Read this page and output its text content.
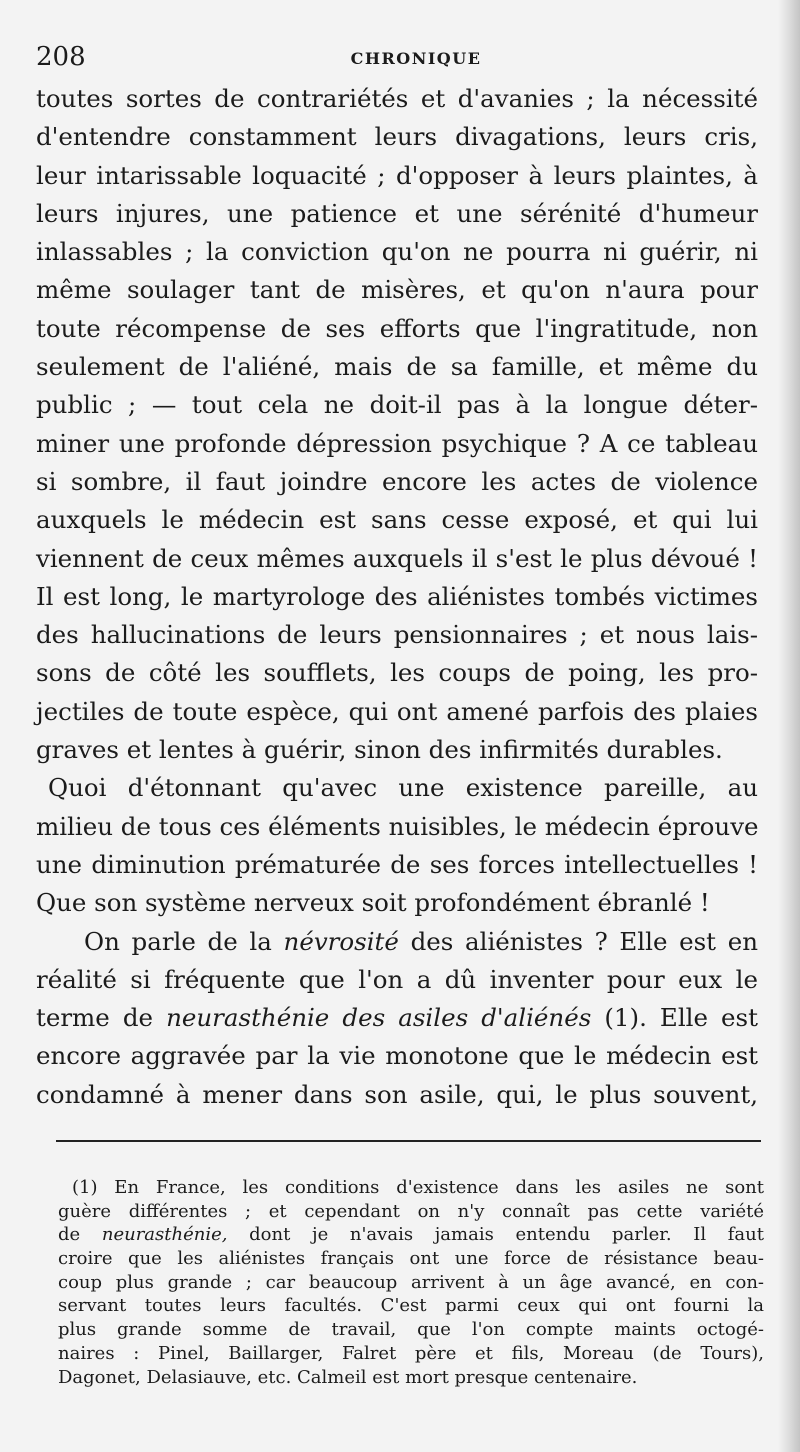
208	CHRONIQUE
toutes sortes de contrariétés et d'avanies ; la nécessité
d'entendre constamment leurs divagations, leurs cris,
leur intarissable loquacité ; d'opposer à leurs plaintes, à
leurs injures, une patience et une sérénité d'humeur
inlassables ; la conviction qu'on ne pourra ni guérir, ni
même soulager tant de misères, et qu'on n'aura pour
toute récompense de ses efforts que l'ingratitude, non
seulement de l'aliéné, mais de sa famille, et même du
public ; — tout cela ne doit-il pas à la longue déter-
miner une profonde dépression psychique ? A ce tableau
si sombre, il faut joindre encore les actes de violence
auxquels le médecin est sans cesse exposé, et qui lui
viennent de ceux mêmes auxquels il s'est le plus dévoué !
Il est long, le martyrologe des aliénistes tombés victimes
des hallucinations de leurs pensionnaires ; et nous lais-
sons de côté les soufflets, les coups de poing, les pro-
jectiles de toute espèce, qui ont amené parfois des plaies
graves et lentes à guérir, sinon des infirmités durables.
Quoi d'étonnant qu'avec une existence pareille, au
milieu de tous ces éléments nuisibles, le médecin éprouve
une diminution prématurée de ses forces intellectuelles !
Que son système nerveux soit profondément ébranlé !
On parle de la névrosité des aliénistes ? Elle est en
réalité si fréquente que l'on a dû inventer pour eux le
terme de neurasthénie des asiles d'aliénés (1). Elle est
encore aggravée par la vie monotone que le médecin est
condamné à mener dans son asile, qui, le plus souvent,
(1) En France, les conditions d'existence dans les asiles ne sont
guère différentes ; et cependant on n'y connaît pas cette variété
de neurasthénie, dont je n'avais jamais entendu parler. Il faut
croire que les aliénistes français ont une force de résistance beau-
coup plus grande ; car beaucoup arrivent à un âge avancé, en con-
servant toutes leurs facultés. C'est parmi ceux qui ont fourni la
plus grande somme de travail, que l'on compte maints octogé-
naires : Pinel, Baillarger, Falret père et fils, Moreau (de Tours),
Dagonet, Delasiauve, etc. Calmeil est mort presque centenaire.
